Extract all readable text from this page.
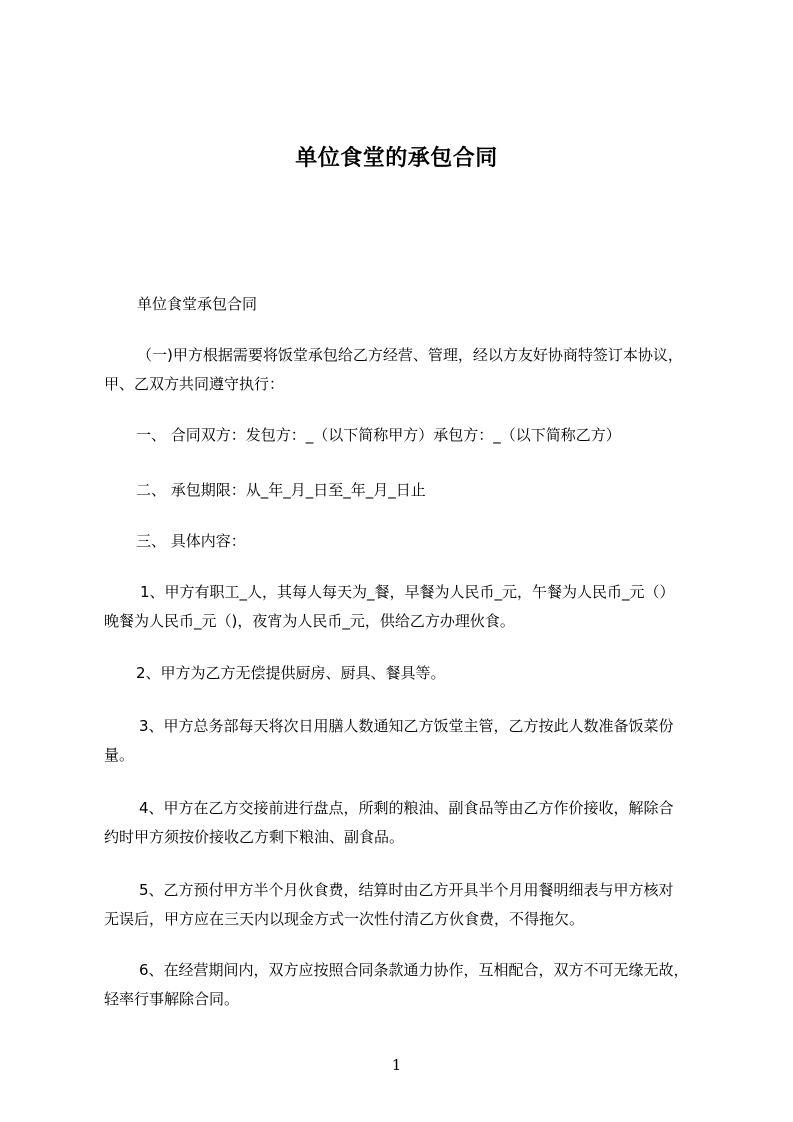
单位食堂的承包合同
单位食堂承包合同
（一)甲方根据需要将饭堂承包给乙方经营、管理，经以方友好协商特签订本协议，
甲、乙双方共同遵守执行：
一、 合同双方：发包方：_（以下简称甲方）承包方：_（以下简称乙方）
二、 承包期限：从_年_月_日至_年_月_日止
三、 具体内容：
1、甲方有职工_人，其每人每天为_餐，早餐为人民币_元，午餐为人民币_元（）
晚餐为人民币_元（)，夜宵为人民币_元，供给乙方办理伙食。
2、甲方为乙方无偿提供厨房、厨具、餐具等。
3、甲方总务部每天将次日用膳人数通知乙方饭堂主管，乙方按此人数准备饭菜份
量。
4、甲方在乙方交接前进行盘点，所剩的粮油、副食品等由乙方作价接收，解除合
约时甲方须按价接收乙方剩下粮油、副食品。
5、乙方预付甲方半个月伙食费，结算时由乙方开具半个月用餐明细表与甲方核对
无误后，甲方应在三天内以现金方式一次性付清乙方伙食费，不得拖欠。
6、在经营期间内，双方应按照合同条款通力协作，互相配合，双方不可无缘无故，
轻率行事解除合同。
1
